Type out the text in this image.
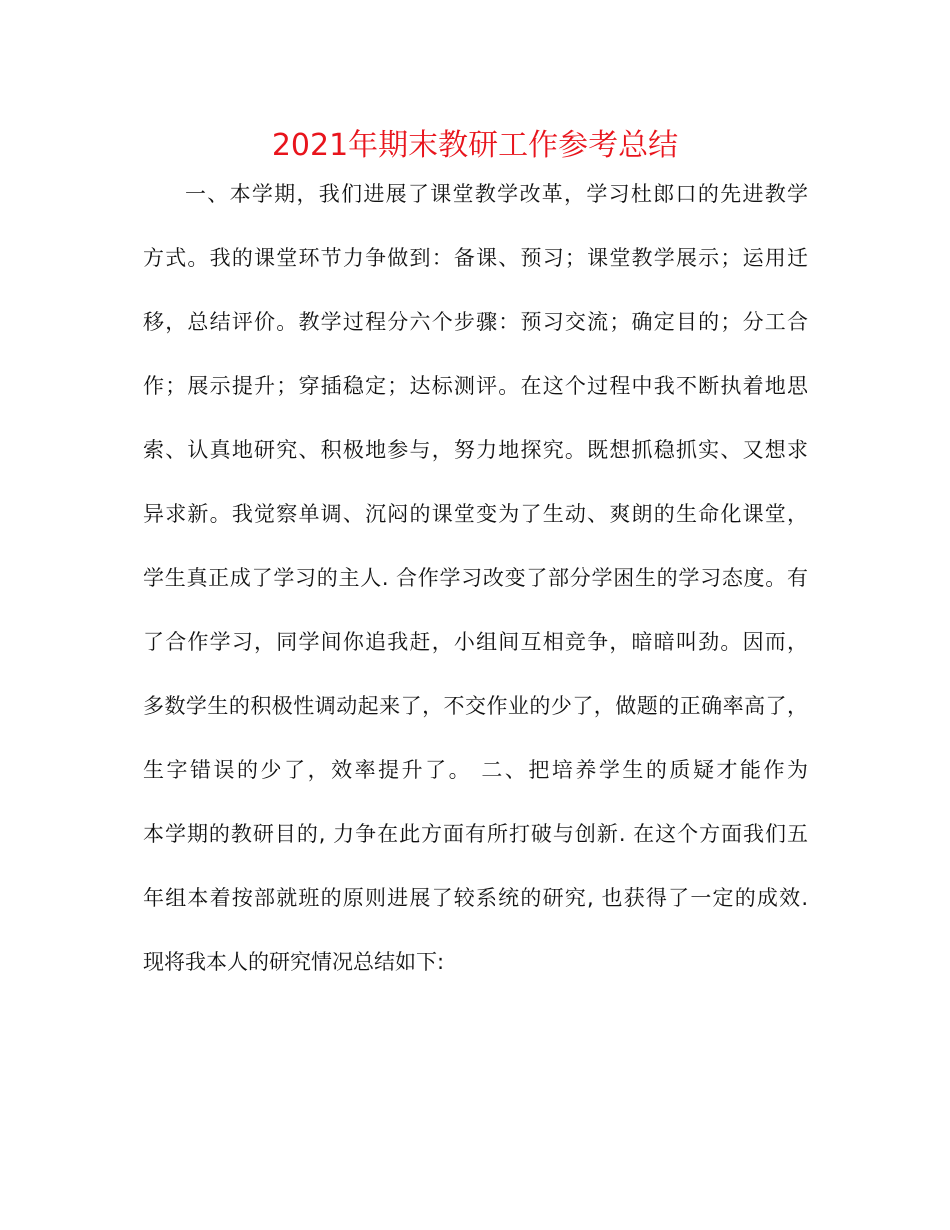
2021年期末教研工作参考总结
一、本学期，我们进展了课堂教学改革，学习杜郎口的先进教学
方式。我的课堂环节力争做到：备课、预习；课堂教学展示；运用迁
移，总结评价。教学过程分六个步骤：预习交流；确定目的；分工合
作；展示提升；穿插稳定；达标测评。在这个过程中我不断执着地思
索、认真地研究、积极地参与，努力地探究。既想抓稳抓实、又想求
异求新。我觉察单调、沉闷的课堂变为了生动、爽朗的生命化课堂，
学生真正成了学习的主人. 合作学习改变了部分学困生的学习态度。有
了合作学习，同学间你追我赶，小组间互相竞争，暗暗叫劲。因而，
多数学生的积极性调动起来了，不交作业的少了，做题的正确率高了，
生字错误的少了，效率提升了。 二、把培养学生的质疑才能作为
本学期的教研目的, 力争在此方面有所打破与创新. 在这个方面我们五
年组本着按部就班的原则进展了较系统的研究, 也获得了一定的成效.
现将我本人的研究情况总结如下:
